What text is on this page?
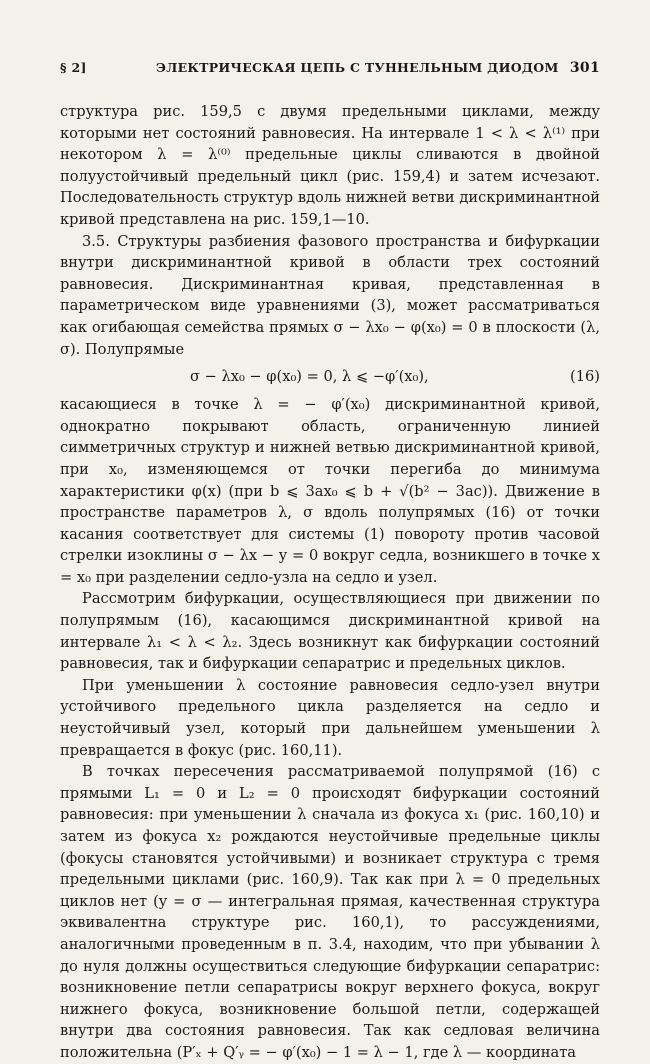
§ 2]	ЭЛЕКТРИЧЕСКАЯ ЦЕПЬ С ТУННЕЛЬНЫМ ДИОДОМ 301

структура рис. 159,5 с двумя предельными циклами, между которыми нет состояний равновесия. На интервале 1 < λ < λ⁽¹⁾ при некотором λ = λ⁽⁰⁾ предельные циклы сливаются в двойной полуустойчивый предельный цикл (рис. 159,4) и затем исчезают. Последовательность структур вдоль нижней ветви дискриминантной кривой представлена на рис. 159,1—10.

3.5. Структуры разбиения фазового пространства и бифуркации внутри дискриминантной кривой в области трех состояний равновесия. Дискриминантная кривая, представленная в параметрическом виде уравнениями (3), может рассматриваться как огибающая семейства прямых σ − λx₀ − φ(x₀) = 0 в плоскости (λ, σ). Полупрямые

σ − λx₀ − φ(x₀) = 0, λ ⩽ −φ′(x₀),	(16)

касающиеся в точке λ = − φ′(x₀) дискриминантной кривой, однократно покрывают область, ограниченную линией симметричных структур и нижней ветвью дискриминантной кривой, при x₀, изменяющемся от точки перегиба до минимума характеристики φ(x) (при b ⩽ 3ax₀ ⩽ b + √(b² − 3ac)). Движение в пространстве параметров λ, σ вдоль полупрямых (16) от точки касания соответствует для системы (1) повороту против часовой стрелки изоклины σ − λx − y = 0 вокруг седла, возникшего в точке x = x₀ при разделении седло-узла на седло и узел.

Рассмотрим бифуркации, осуществляющиеся при движении по полупрямым (16), касающимся дискриминантной кривой на интервале λ₁ < λ < λ₂. Здесь возникнут как бифуркации состояний равновесия, так и бифуркации сепаратрис и предельных циклов.

При уменьшении λ состояние равновесия седло-узел внутри устойчивого предельного цикла разделяется на седло и неустойчивый узел, который при дальнейшем уменьшении λ превращается в фокус (рис. 160,11).

В точках пересечения рассматриваемой полупрямой (16) с прямыми L₁ = 0 и L₂ = 0 происходят бифуркации состояний равновесия: при уменьшении λ сначала из фокуса x₁ (рис. 160,10) и затем из фокуса x₂ рождаются неустойчивые предельные циклы (фокусы становятся устойчивыми) и возникает структура с тремя предельными циклами (рис. 160,9). Так как при λ = 0 предельных циклов нет (y = σ — интегральная прямая, качественная структура эквивалентна структуре рис. 160,1), то рассуждениями, аналогичными проведенным в п. 3.4, находим, что при убывании λ до нуля должны осуществиться следующие бифуркации сепаратрис: возникновение петли сепаратрисы вокруг верхнего фокуса, вокруг нижнего фокуса, возникновение большой петли, содержащей внутри два состояния равновесия. Так как седловая величина положительна (P′ₓ + Q′ᵧ = − φ′(x₀) − 1 = λ − 1, где λ — координата
